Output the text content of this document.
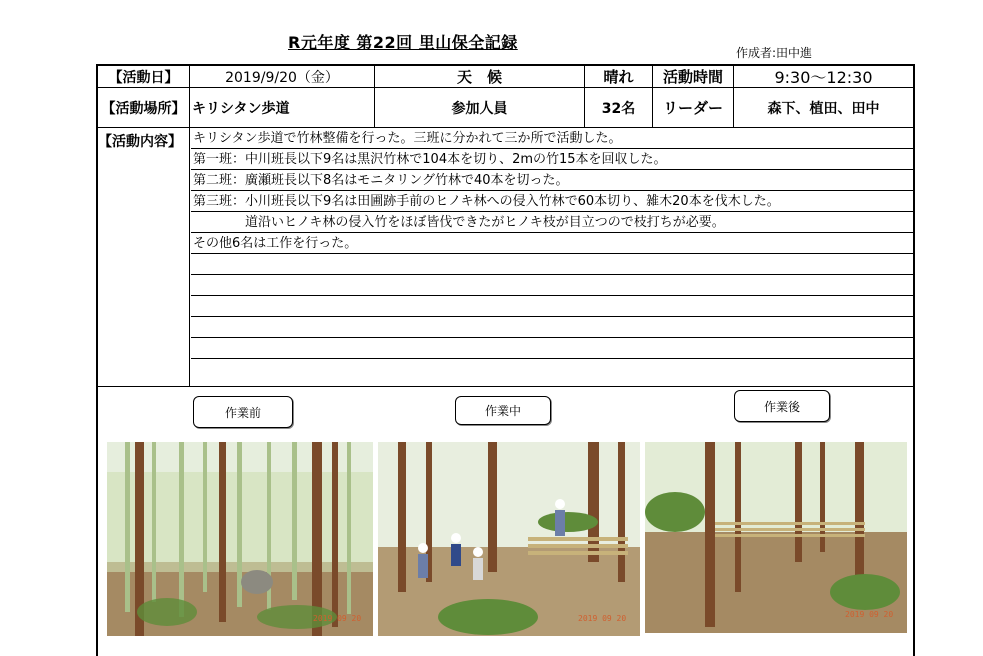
R元年度 第22回 里山保全記録
作成者:田中進
【活動日】	2019/9/20（金）	天　候	晴れ	活動時間	9:30〜12:30
【活動場所】 キリシタン歩道	参加人員	32名	リーダー	森下、植田、田中
【活動内容】 キリシタン歩道で竹林整備を行った。三班に分かれて三か所で活動した。
第一班：中川班長以下9名は黒沢竹林で104本を切り、2mの竹15本を回収した。
第二班：廣瀬班長以下8名はモニタリング竹林で40本を切った。
第三班：小川班長以下9名は田圃跡手前のヒノキ林への侵入竹林で60本切り、雑木20本を伐木した。
　　　　道沿いヒノキ林の侵入竹をほぼ皆伐できたがヒノキ枝が目立つので枝打ちが必要。
その他6名は工作を行った。
作業前	作業中	作業後
2019 09 20	2019 09 20	2019 09 20
